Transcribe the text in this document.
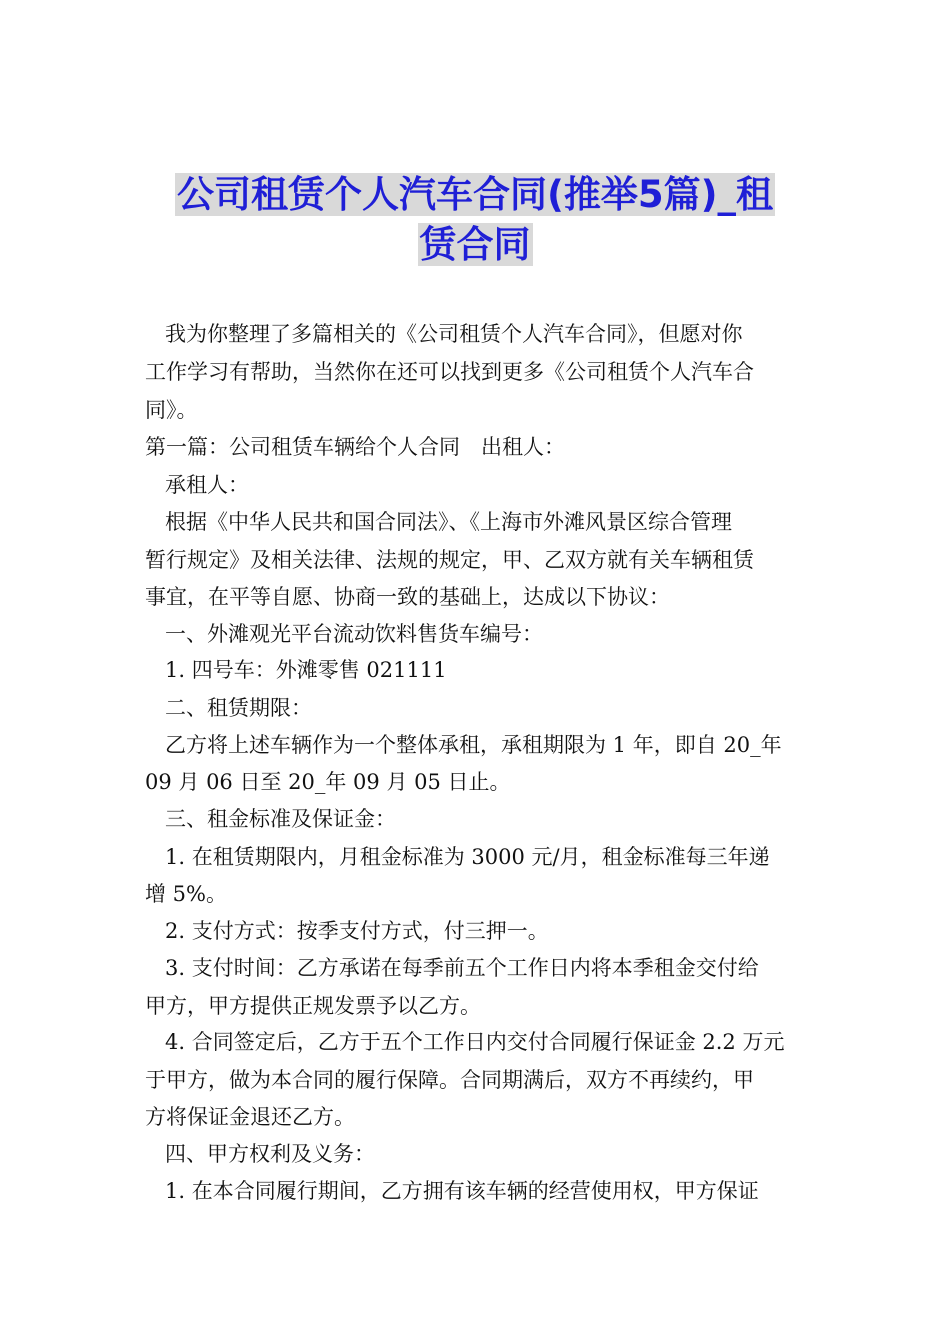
公司租赁个人汽车合同(推举5篇)_租
赁合同
我为你整理了多篇相关的《公司租赁个人汽车合同》，但愿对你
工作学习有帮助，当然你在还可以找到更多《公司租赁个人汽车合
同》。
第一篇：公司租赁车辆给个人合同　出租人：
承租人：
根据《中华人民共和国合同法》、《上海市外滩风景区综合管理
暂行规定》及相关法律、法规的规定，甲、乙双方就有关车辆租赁
事宜，在平等自愿、协商一致的基础上，达成以下协议：
一、外滩观光平台流动饮料售货车编号：
1. 四号车：外滩零售 021111
二、租赁期限：
乙方将上述车辆作为一个整体承租，承租期限为 1 年，即自 20_年
09 月 06 日至 20_年 09 月 05 日止。
三、租金标准及保证金：
1. 在租赁期限内，月租金标准为 3000 元/月，租金标准每三年递
增 5%。
2. 支付方式：按季支付方式，付三押一。
3. 支付时间：乙方承诺在每季前五个工作日内将本季租金交付给
甲方，甲方提供正规发票予以乙方。
4. 合同签定后，乙方于五个工作日内交付合同履行保证金 2.2 万元
于甲方，做为本合同的履行保障。合同期满后，双方不再续约，甲
方将保证金退还乙方。
四、甲方权利及义务：
1. 在本合同履行期间，乙方拥有该车辆的经营使用权，甲方保证
